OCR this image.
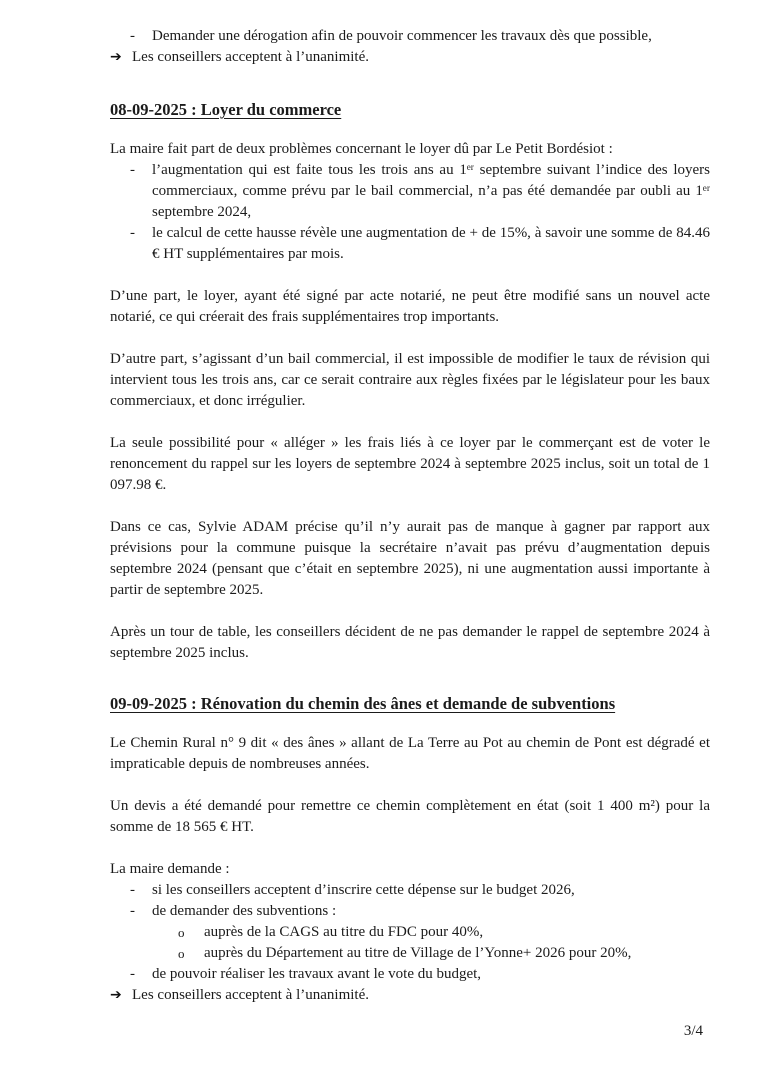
-	Demander une dérogation afin de pouvoir commencer les travaux dès que possible,
➔ Les conseillers acceptent à l’unanimité.
08-09-2025 : Loyer du commerce
La maire fait part de deux problèmes concernant le loyer dû par Le Petit Bordésiot :
-	l’augmentation qui est faite tous les trois ans au 1ᵉʳ septembre suivant l’indice des loyers commerciaux, comme prévu par le bail commercial, n’a pas été demandée par oubli au 1ᵉʳ septembre 2024,
-	le calcul de cette hausse révèle une augmentation de + de 15%, à savoir une somme de 84.46 € HT supplémentaires par mois.
D’une part, le loyer, ayant été signé par acte notarié, ne peut être modifié sans un nouvel acte notarié, ce qui créerait des frais supplémentaires trop importants.
D’autre part, s’agissant d’un bail commercial, il est impossible de modifier le taux de révision qui intervient tous les trois ans, car ce serait contraire aux règles fixées par le législateur pour les baux commerciaux, et donc irrégulier.
La seule possibilité pour « alléger » les frais liés à ce loyer par le commerçant est de voter le renoncement du rappel sur les loyers de septembre 2024 à septembre 2025 inclus, soit un total de 1 097.98 €.
Dans ce cas, Sylvie ADAM précise qu’il n’y aurait pas de manque à gagner par rapport aux prévisions pour la commune puisque la secrétaire n’avait pas prévu d’augmentation depuis septembre 2024 (pensant que c’était en septembre 2025), ni une augmentation aussi importante à partir de septembre 2025.
Après un tour de table, les conseillers décident de ne pas demander le rappel de septembre 2024 à septembre 2025 inclus.
09-09-2025 : Rénovation du chemin des ânes et demande de subventions
Le Chemin Rural n° 9 dit « des ânes » allant de La Terre au Pot au chemin de Pont est dégradé et impraticable depuis de nombreuses années.
Un devis a été demandé pour remettre ce chemin complètement en état (soit 1 400 m²) pour la somme de 18 565 € HT.
La maire demande :
-	si les conseillers acceptent d’inscrire cette dépense sur le budget 2026,
-	de demander des subventions :
o	auprès de la CAGS au titre du FDC pour 40%,
o	auprès du Département au titre de Village de l’Yonne+ 2026 pour 20%,
-	de pouvoir réaliser les travaux avant le vote du budget,
➔ Les conseillers acceptent à l’unanimité.
3/4
